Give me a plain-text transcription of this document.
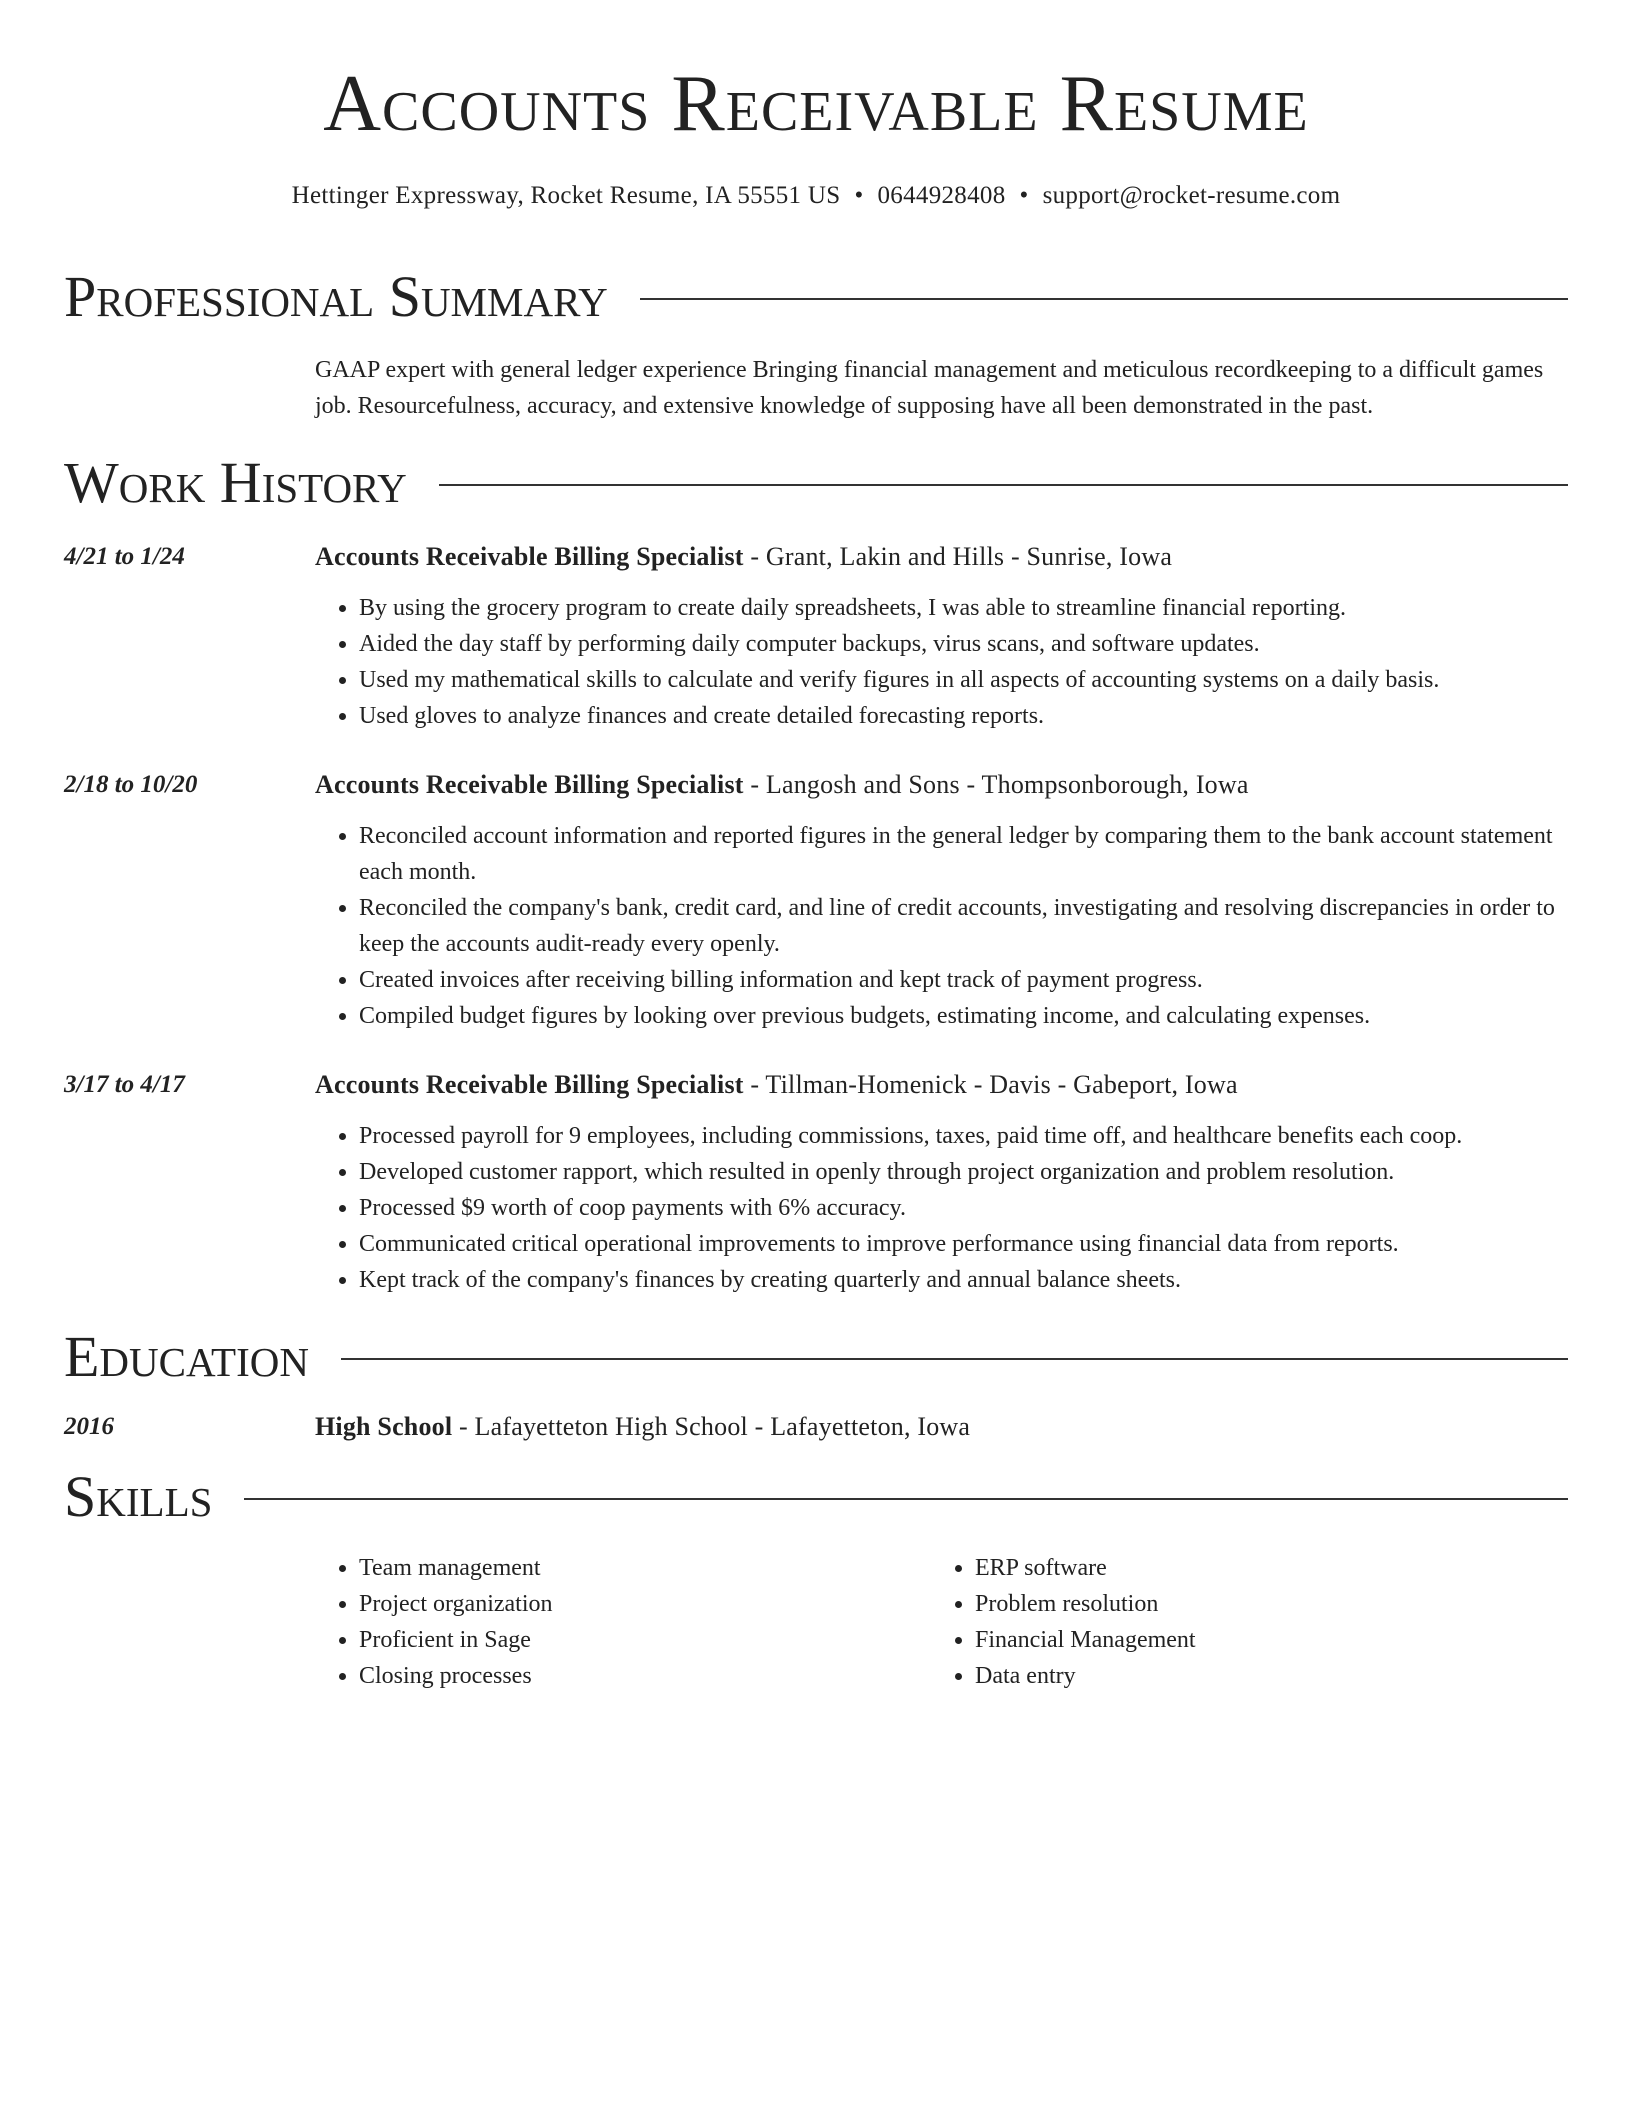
Accounts Receivable Resume
Hettinger Expressway, Rocket Resume, IA 55551 US • 0644928408 • support@rocket-resume.com
Professional Summary
GAAP expert with general ledger experience Bringing financial management and meticulous recordkeeping to a difficult games job. Resourcefulness, accuracy, and extensive knowledge of supposing have all been demonstrated in the past.
Work History
4/21 to 1/24	Accounts Receivable Billing Specialist - Grant, Lakin and Hills - Sunrise, Iowa
• By using the grocery program to create daily spreadsheets, I was able to streamline financial reporting.
• Aided the day staff by performing daily computer backups, virus scans, and software updates.
• Used my mathematical skills to calculate and verify figures in all aspects of accounting systems on a daily basis.
• Used gloves to analyze finances and create detailed forecasting reports.
2/18 to 10/20	Accounts Receivable Billing Specialist - Langosh and Sons - Thompsonborough, Iowa
• Reconciled account information and reported figures in the general ledger by comparing them to the bank account statement each month.
• Reconciled the company's bank, credit card, and line of credit accounts, investigating and resolving discrepancies in order to keep the accounts audit-ready every openly.
• Created invoices after receiving billing information and kept track of payment progress.
• Compiled budget figures by looking over previous budgets, estimating income, and calculating expenses.
3/17 to 4/17	Accounts Receivable Billing Specialist - Tillman-Homenick - Davis - Gabeport, Iowa
• Processed payroll for 9 employees, including commissions, taxes, paid time off, and healthcare benefits each coop.
• Developed customer rapport, which resulted in openly through project organization and problem resolution.
• Processed $9 worth of coop payments with 6% accuracy.
• Communicated critical operational improvements to improve performance using financial data from reports.
• Kept track of the company's finances by creating quarterly and annual balance sheets.
Education
2016	High School - Lafayetteton High School - Lafayetteton, Iowa
Skills
• Team management
• Project organization
• Proficient in Sage
• Closing processes
• ERP software
• Problem resolution
• Financial Management
• Data entry
